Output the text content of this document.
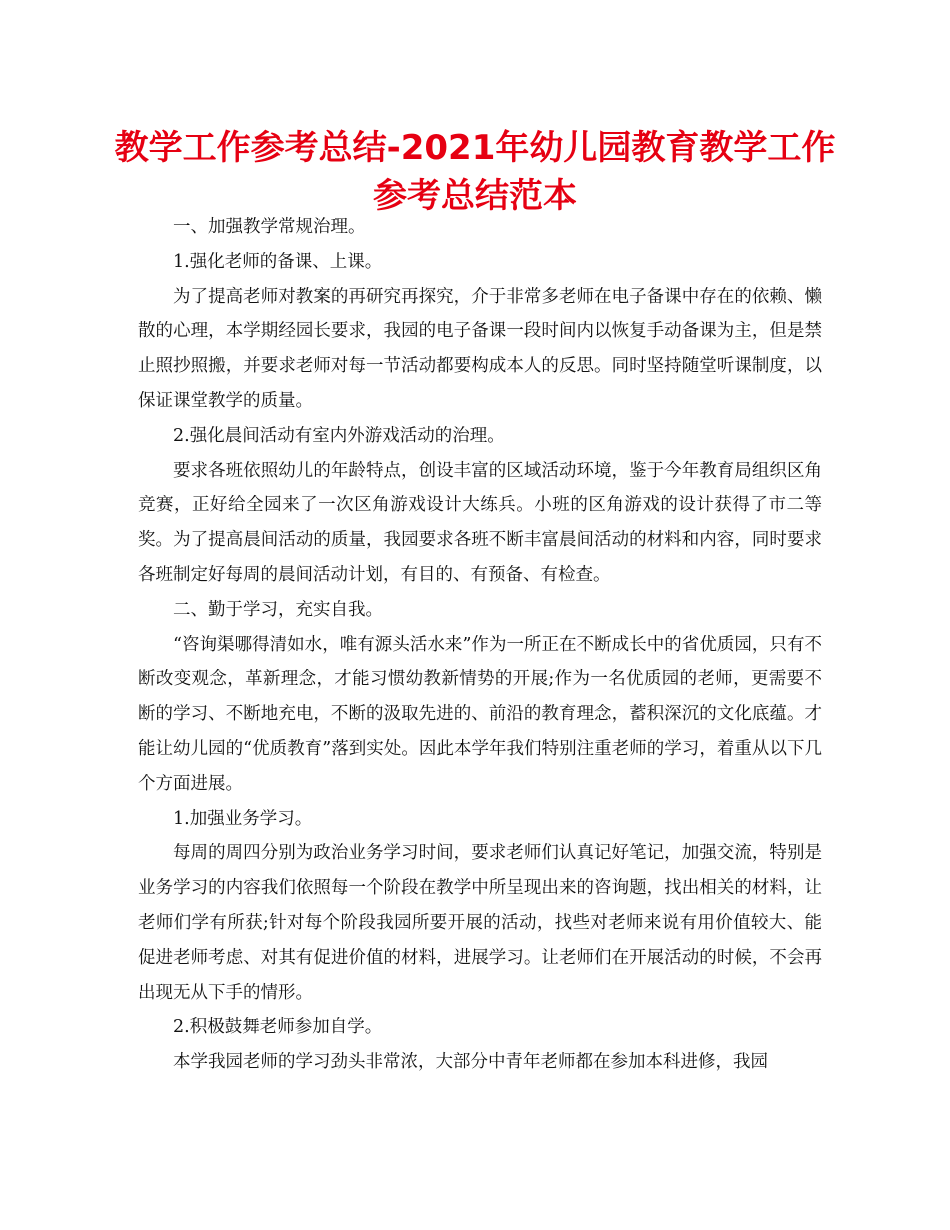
教学工作参考总结-2021年幼儿园教育教学工作
参考总结范本

一、加强教学常规治理。

1.强化老师的备课、上课。

为了提高老师对教案的再研究再探究，介于非常多老师在电子备课中存在的依赖、懒散的心理，本学期经园长要求，我园的电子备课一段时间内以恢复手动备课为主，但是禁止照抄照搬，并要求老师对每一节活动都要构成本人的反思。同时坚持随堂听课制度，以保证课堂教学的质量。

2.强化晨间活动有室内外游戏活动的治理。

要求各班依照幼儿的年龄特点，创设丰富的区域活动环境，鉴于今年教育局组织区角竞赛，正好给全园来了一次区角游戏设计大练兵。小班的区角游戏的设计获得了市二等奖。为了提高晨间活动的质量，我园要求各班不断丰富晨间活动的材料和内容，同时要求各班制定好每周的晨间活动计划，有目的、有预备、有检查。

二、勤于学习，充实自我。

“咨询渠哪得清如水，唯有源头活水来”作为一所正在不断成长中的省优质园，只有不断改变观念，革新理念，才能习惯幼教新情势的开展;作为一名优质园的老师，更需要不断的学习、不断地充电，不断的汲取先进的、前沿的教育理念，蓄积深沉的文化底蕴。才能让幼儿园的“优质教育”落到实处。因此本学年我们特别注重老师的学习，着重从以下几个方面进展。

1.加强业务学习。

每周的周四分别为政治业务学习时间，要求老师们认真记好笔记，加强交流，特别是业务学习的内容我们依照每一个阶段在教学中所呈现出来的咨询题，找出相关的材料，让老师们学有所获;针对每个阶段我园所要开展的活动，找些对老师来说有用价值较大、能促进老师考虑、对其有促进价值的材料，进展学习。让老师们在开展活动的时候，不会再出现无从下手的情形。

2.积极鼓舞老师参加自学。

本学我园老师的学习劲头非常浓，大部分中青年老师都在参加本科进修，我园
